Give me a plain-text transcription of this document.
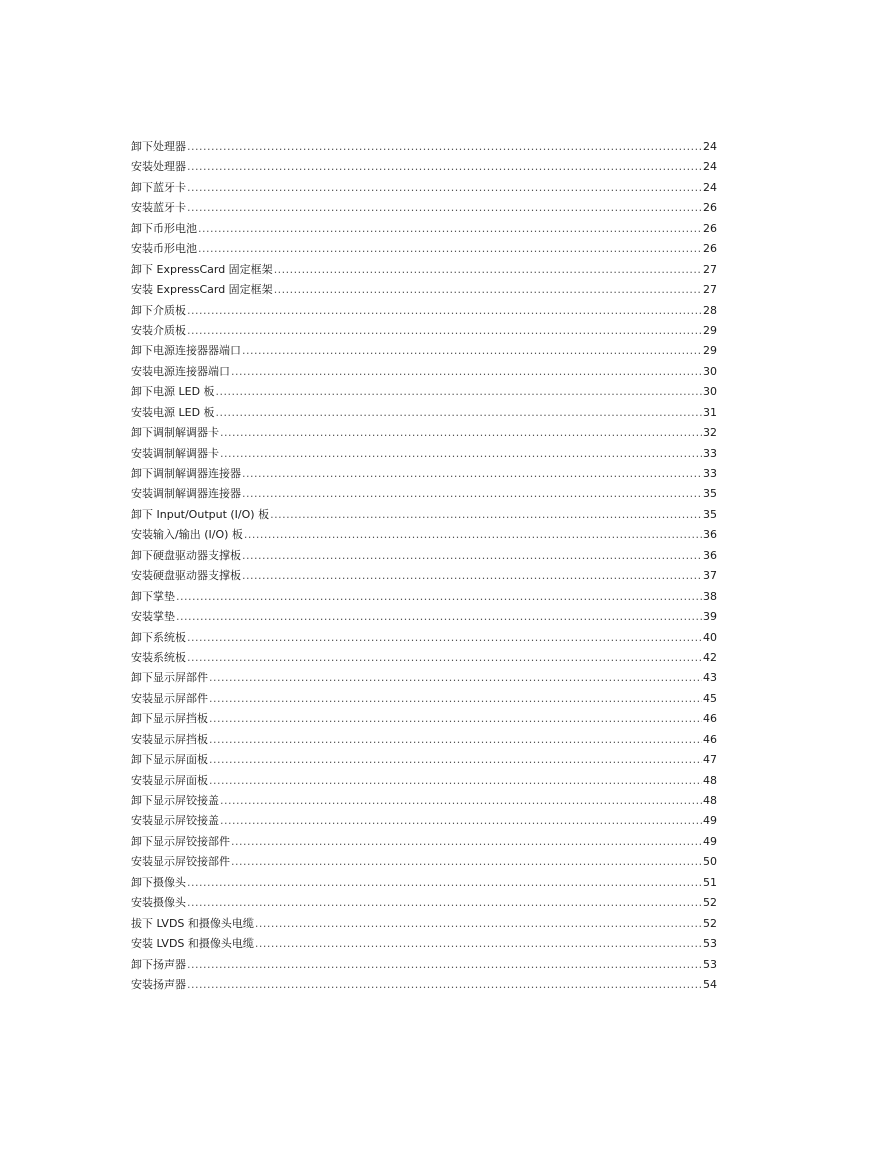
卸下处理器 .....	24
安装处理器 .....	24
卸下蓝牙卡 .....	24
安装蓝牙卡 .....	26
卸下币形电池 .....	26
安装币形电池 .....	26
卸下 ExpressCard 固定框架 .....	27
安装 ExpressCard 固定框架 .....	27
卸下介质板 .....	28
安装介质板 .....	29
卸下电源连接器器端口 .....	29
安装电源连接器端口 .....	30
卸下电源 LED 板 .....	30
安装电源 LED 板 .....	31
卸下调制解调器卡 .....	32
安装调制解调器卡 .....	33
卸下调制解调器连接器 .....	33
安装调制解调器连接器 .....	35
卸下 Input/Output (I/O) 板 .....	35
安装输入/输出 (I/O) 板 .....	36
卸下硬盘驱动器支撑板 .....	36
安装硬盘驱动器支撑板 .....	37
卸下掌垫 .....	38
安装掌垫 .....	39
卸下系统板 .....	40
安装系统板 .....	42
卸下显示屏部件 .....	43
安装显示屏部件 .....	45
卸下显示屏挡板 .....	46
安装显示屏挡板 .....	46
卸下显示屏面板 .....	47
安装显示屏面板 .....	48
卸下显示屏铰接盖 .....	48
安装显示屏铰接盖 .....	49
卸下显示屏铰接部件 .....	49
安装显示屏铰接部件 .....	50
卸下摄像头 .....	51
安装摄像头 .....	52
拔下 LVDS 和摄像头电缆 .....	52
安装 LVDS 和摄像头电缆 .....	53
卸下扬声器 .....	53
安装扬声器 .....	54
